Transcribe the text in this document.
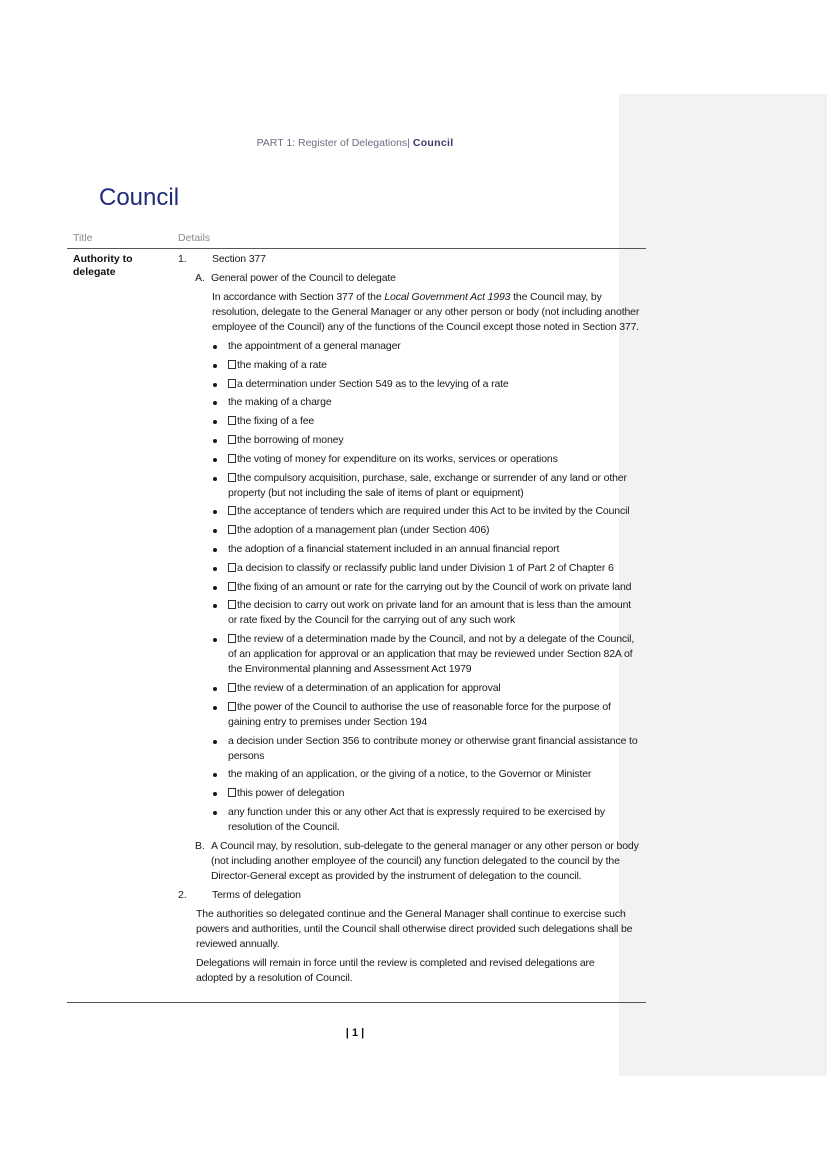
PART 1: Register of Delegations| Council
Council
Title	Details
Authority to delegate
1. Section 377
A. General power of the Council to delegate
In accordance with Section 377 of the Local Government Act 1993 the Council may, by resolution, delegate to the General Manager or any other person or body (not including another employee of the Council) any of the functions of the Council except those noted in Section 377.
the appointment of a general manager
the making of a rate
a determination under Section 549 as to the levying of a rate
the making of a charge
the fixing of a fee
the borrowing of money
the voting of money for expenditure on its works, services or operations
the compulsory acquisition, purchase, sale, exchange or surrender of any land or other property (but not including the sale of items of plant or equipment)
the acceptance of tenders which are required under this Act to be invited by the Council
the adoption of a management plan (under Section 406)
the adoption of a financial statement included in an annual financial report
a decision to classify or reclassify public land under Division 1 of Part 2 of Chapter 6
the fixing of an amount or rate for the carrying out by the Council of work on private land
the decision to carry out work on private land for an amount that is less than the amount or rate fixed by the Council for the carrying out of any such work
the review of a determination made by the Council, and not by a delegate of the Council, of an application for approval or an application that may be reviewed under Section 82A of the Environmental planning and Assessment Act 1979
the review of a determination of an application for approval
the power of the Council to authorise the use of reasonable force for the purpose of gaining entry to premises under Section 194
a decision under Section 356 to contribute money or otherwise grant financial assistance to persons
the making of an application, or the giving of a notice, to the Governor or Minister
this power of delegation
any function under this or any other Act that is expressly required to be exercised by resolution of the Council.
B. A Council may, by resolution, sub-delegate to the general manager or any other person or body (not including another employee of the council) any function delegated to the council by the Director-General except as provided by the instrument of delegation to the council.
2. Terms of delegation
The authorities so delegated continue and the General Manager shall continue to exercise such powers and authorities, until the Council shall otherwise direct provided such delegations shall be reviewed annually.
Delegations will remain in force until the review is completed and revised delegations are adopted by a resolution of Council.
| 1 |
